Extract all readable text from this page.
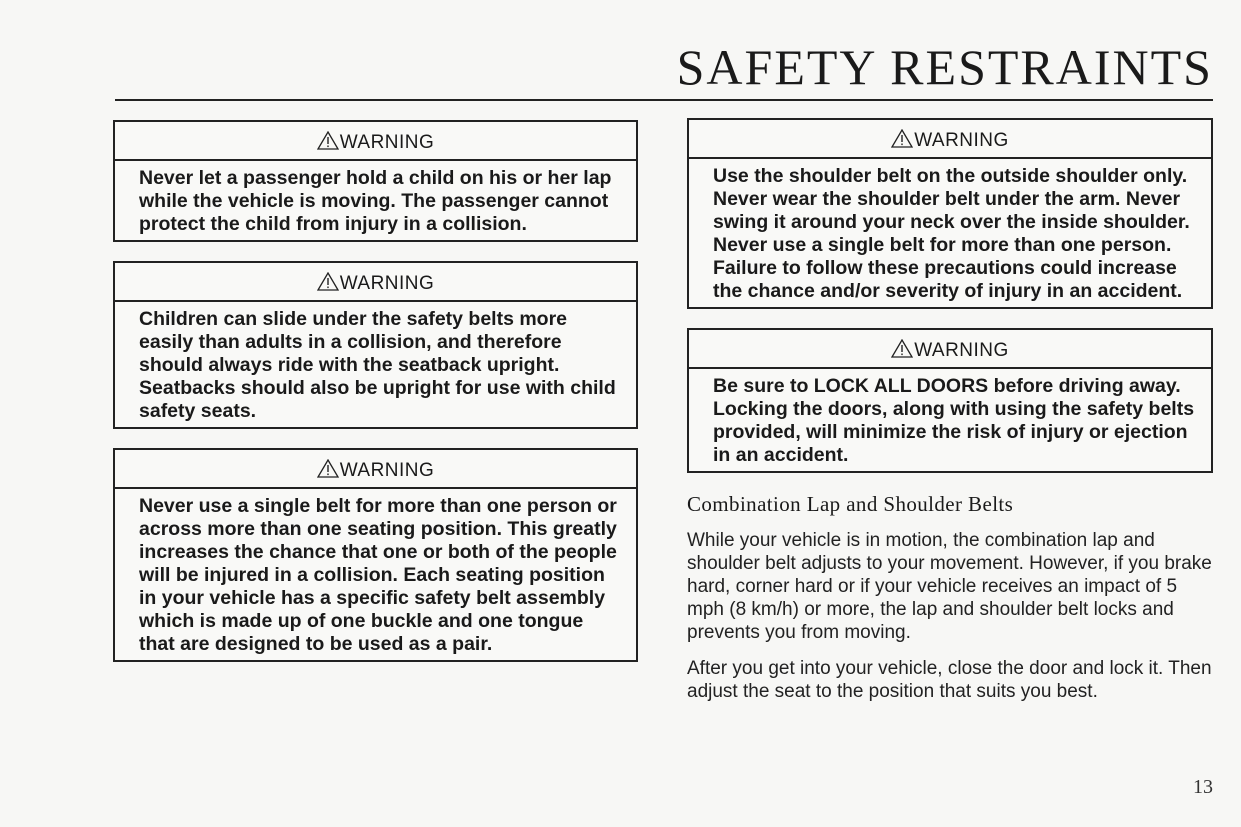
SAFETY RESTRAINTS
WARNING
Never let a passenger hold a child on his or her lap while the vehicle is moving. The passenger cannot protect the child from injury in a collision.
WARNING
Children can slide under the safety belts more easily than adults in a collision, and therefore should always ride with the seatback upright. Seatbacks should also be upright for use with child safety seats.
WARNING
Never use a single belt for more than one person or across more than one seating position. This greatly increases the chance that one or both of the people will be injured in a collision. Each seating position in your vehicle has a specific safety belt assembly which is made up of one buckle and one tongue that are designed to be used as a pair.
WARNING
Use the shoulder belt on the outside shoulder only. Never wear the shoulder belt under the arm. Never swing it around your neck over the inside shoulder. Never use a single belt for more than one person. Failure to follow these precautions could increase the chance and/or severity of injury in an accident.
WARNING
Be sure to LOCK ALL DOORS before driving away. Locking the doors, along with using the safety belts provided, will minimize the risk of injury or ejection in an accident.
Combination Lap and Shoulder Belts

While your vehicle is in motion, the combination lap and shoulder belt adjusts to your movement. However, if you brake hard, corner hard or if your vehicle receives an impact of 5 mph (8 km/h) or more, the lap and shoulder belt locks and prevents you from moving.

After you get into your vehicle, close the door and lock it. Then adjust the seat to the position that suits you best.

13
